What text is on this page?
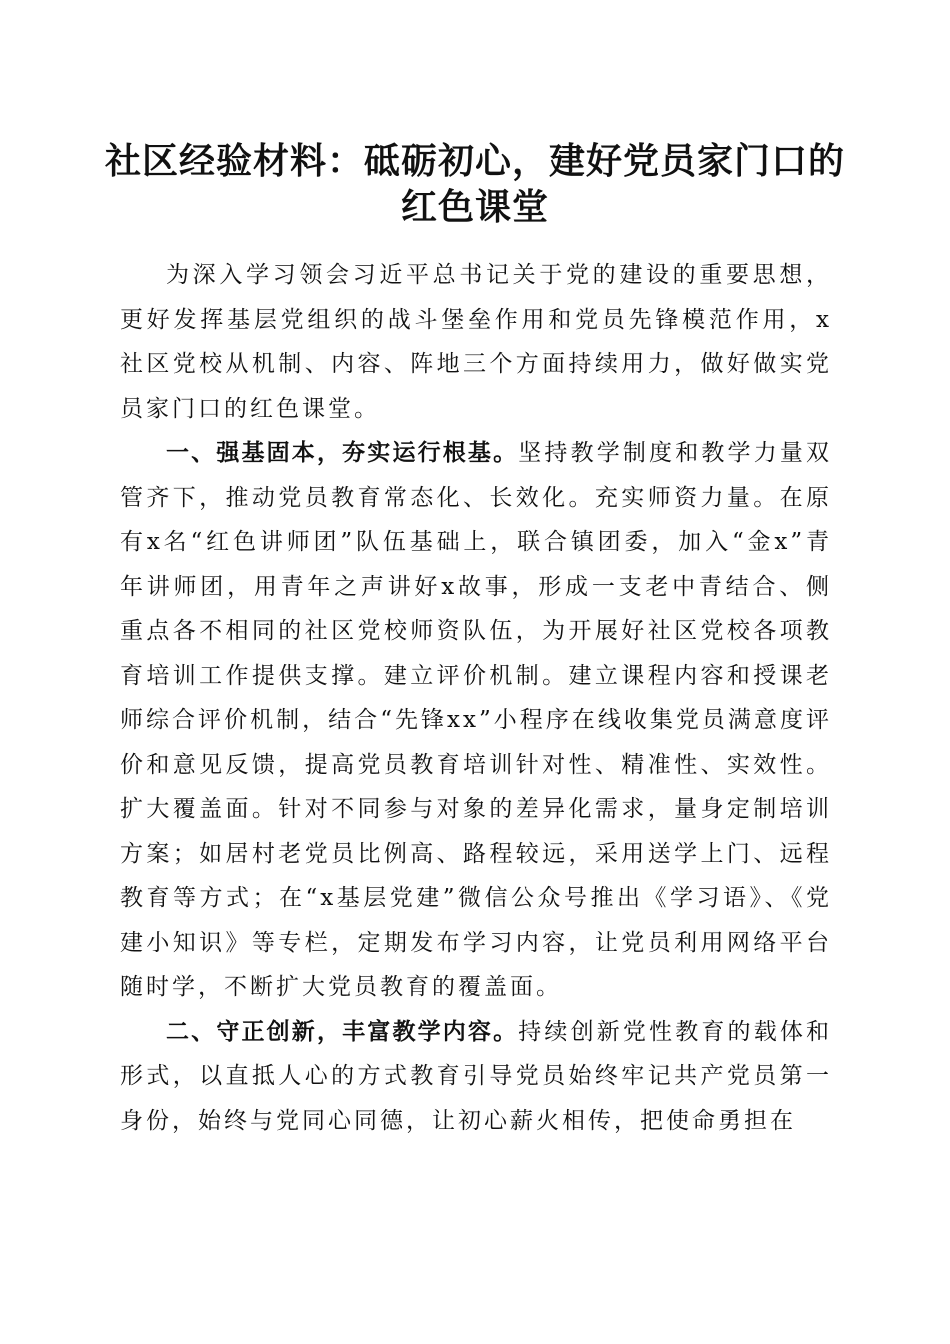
社区经验材料：砥砺初心，建好党员家门口的红色课堂

为深入学习领会习近平总书记关于党的建设的重要思想，更好发挥基层党组织的战斗堡垒作用和党员先锋模范作用，x社区党校从机制、内容、阵地三个方面持续用力，做好做实党员家门口的红色课堂。

一、强基固本，夯实运行根基。坚持教学制度和教学力量双管齐下，推动党员教育常态化、长效化。充实师资力量。在原有x名“红色讲师团”队伍基础上，联合镇团委，加入“金x”青年讲师团，用青年之声讲好x故事，形成一支老中青结合、侧重点各不相同的社区党校师资队伍，为开展好社区党校各项教育培训工作提供支撑。建立评价机制。建立课程内容和授课老师综合评价机制，结合“先锋xx”小程序在线收集党员满意度评价和意见反馈，提高党员教育培训针对性、精准性、实效性。扩大覆盖面。针对不同参与对象的差异化需求，量身定制培训方案；如居村老党员比例高、路程较远，采用送学上门、远程教育等方式；在“x基层党建”微信公众号推出《学习语》、《党建小知识》等专栏，定期发布学习内容，让党员利用网络平台随时学，不断扩大党员教育的覆盖面。

二、守正创新，丰富教学内容。持续创新党性教育的载体和形式，以直抵人心的方式教育引导党员始终牢记共产党员第一身份，始终与党同心同德，让初心薪火相传，把使命勇担在
